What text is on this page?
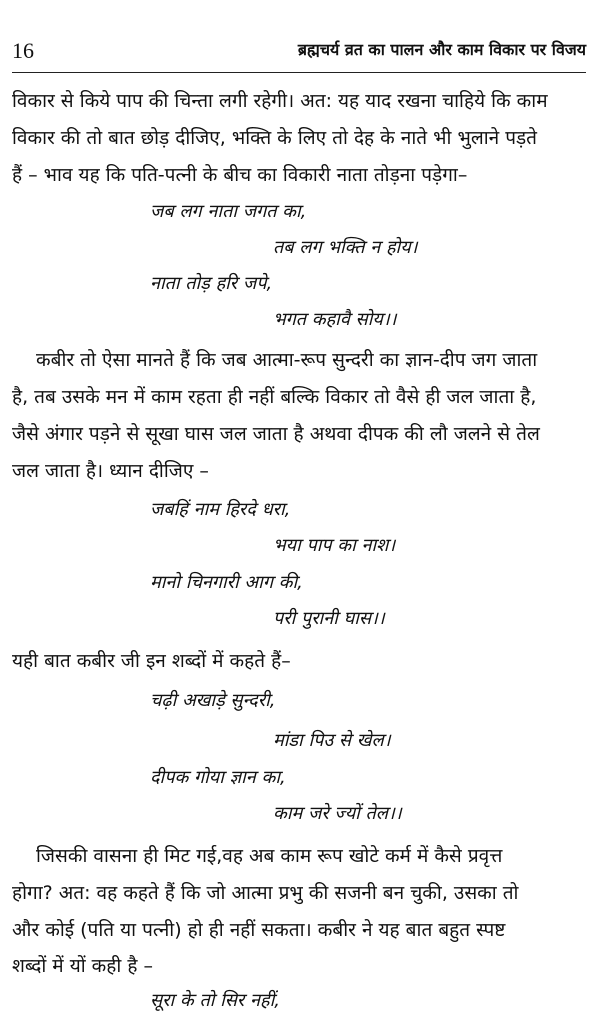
16	ब्रह्मचर्य व्रत का पालन और काम विकार पर विजय
विकार से किये पाप की चिन्ता लगी रहेगी। अत: यह याद रखना चाहिये कि काम
विकार की तो बात छोड़ दीजिए, भक्ति के लिए तो देह के नाते भी भुलाने पड़ते
हैं – भाव यह कि पति-पत्नी के बीच का विकारी नाता तोड़ना पड़ेगा–
जब लग नाता जगत का,
तब लग भक्ति न होय।
नाता तोड़ हरि जपे,
भगत कहावै सोय।।
कबीर तो ऐसा मानते हैं कि जब आत्मा-रूप सुन्दरी का ज्ञान-दीप जग जाता
है, तब उसके मन में काम रहता ही नहीं बल्कि विकार तो वैसे ही जल जाता है,
जैसे अंगार पड़ने से सूखा घास जल जाता है अथवा दीपक की लौ जलने से तेल
जल जाता है। ध्यान दीजिए –
जबहिं नाम हिरदे धरा,
भया पाप का नाश।
मानो चिनगारी आग की,
परी पुरानी घास।।
यही बात कबीर जी इन शब्दों में कहते हैं–
चढ़ी अखाड़े सुन्दरी,
मांडा पिउ से खेल।
दीपक गोया ज्ञान का,
काम जरे ज्यों तेल।।
जिसकी वासना ही मिट गई,वह अब काम रूप खोटे कर्म में कैसे प्रवृत्त
होगा? अत: वह कहते हैं कि जो आत्मा प्रभु की सजनी बन चुकी, उसका तो
और कोई (पति या पत्नी) हो ही नहीं सकता। कबीर ने यह बात बहुत स्पष्ट
शब्दों में यों कही है –
सूरा के तो सिर नहीं,
